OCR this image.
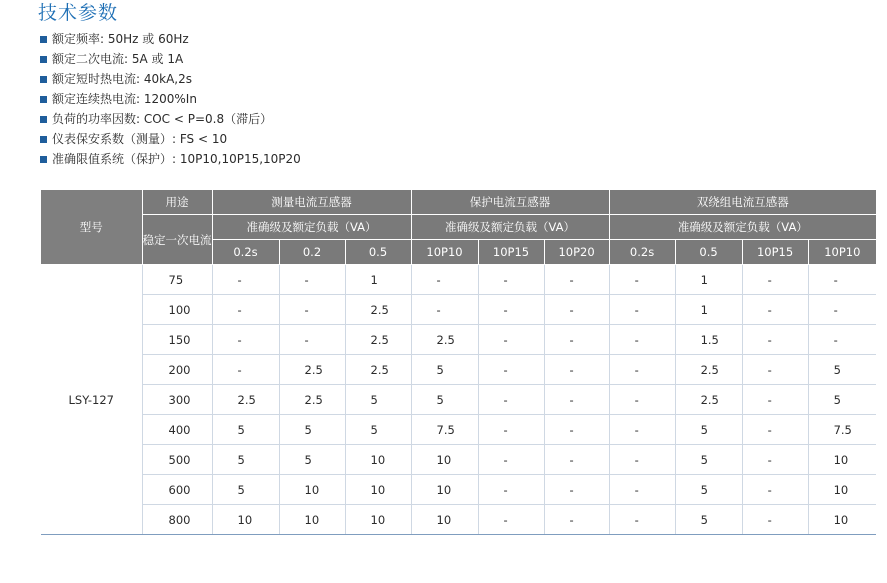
技术参数
额定频率: 50Hz 或 60Hz
额定二次电流: 5A 或 1A
额定短时热电流: 40kA,2s
额定连续热电流: 1200%In
负荷的功率因数: COC < P=0.8（滞后）
仪表保安系数（测量）: FS < 10
准确限值系统（保护）: 10P10,10P15,10P20
型号	用途	测量电流互感器			保护电流互感器			双绕组电流互感器			
	稳定一次电流	准确级及额定负载（VA）			准确级及额定负载（VA）			准确级及额定负载（VA）			
		0.2s	0.2	0.5	10P10	10P15	10P20	0.2s	0.5	10P15	10P10
LSY-127	75	-	-	1	-	-	-	-	1	-	-
	100	-	-	2.5	-	-	-	-	1	-	-
	150	-	-	2.5	2.5	-	-	-	1.5	-	-
	200	-	2.5	2.5	5	-	-	-	2.5	-	5
	300	2.5	2.5	5	5	-	-	-	2.5	-	5
	400	5	5	5	7.5	-	-	-	5	-	7.5
	500	5	5	10	10	-	-	-	5	-	10
	600	5	10	10	10	-	-	-	5	-	10
	800	10	10	10	10	-	-	-	5	-	10
